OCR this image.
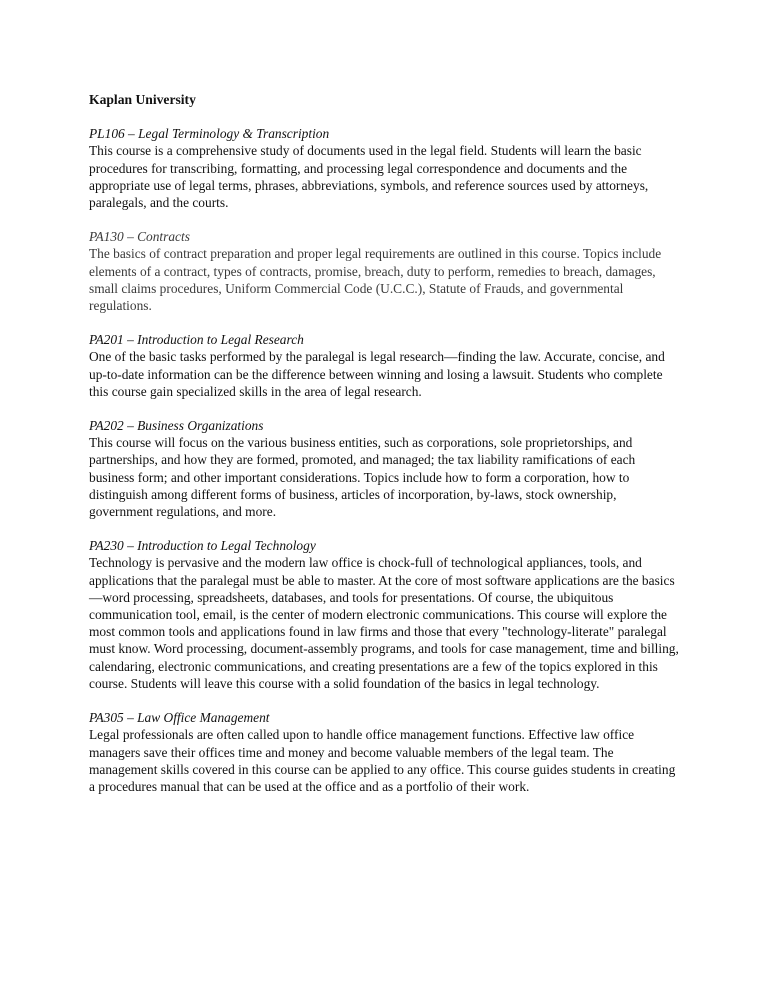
Kaplan University

PL106 – Legal Terminology & Transcription

This course is a comprehensive study of documents used in the legal field. Students will learn the basic procedures for transcribing, formatting, and processing legal correspondence and documents and the appropriate use of legal terms, phrases, abbreviations, symbols, and reference sources used by attorneys, paralegals, and the courts.

PA130 – Contracts

The basics of contract preparation and proper legal requirements are outlined in this course. Topics include elements of a contract, types of contracts, promise, breach, duty to perform, remedies to breach, damages, small claims procedures, Uniform Commercial Code (U.C.C.), Statute of Frauds, and governmental regulations.

PA201 – Introduction to Legal Research

One of the basic tasks performed by the paralegal is legal research—finding the law. Accurate, concise, and up-to-date information can be the difference between winning and losing a lawsuit. Students who complete this course gain specialized skills in the area of legal research.

PA202 – Business Organizations

This course will focus on the various business entities, such as corporations, sole proprietorships, and partnerships, and how they are formed, promoted, and managed; the tax liability ramifications of each business form; and other important considerations. Topics include how to form a corporation, how to distinguish among different forms of business, articles of incorporation, by-laws, stock ownership, government regulations, and more.

PA230 – Introduction to Legal Technology

Technology is pervasive and the modern law office is chock-full of technological appliances, tools, and applications that the paralegal must be able to master. At the core of most software applications are the basics—word processing, spreadsheets, databases, and tools for presentations. Of course, the ubiquitous communication tool, email, is the center of modern electronic communications. This course will explore the most common tools and applications found in law firms and those that every "technology-literate" paralegal must know. Word processing, document-assembly programs, and tools for case management, time and billing, calendaring, electronic communications, and creating presentations are a few of the topics explored in this course. Students will leave this course with a solid foundation of the basics in legal technology.

PA305 – Law Office Management

Legal professionals are often called upon to handle office management functions. Effective law office managers save their offices time and money and become valuable members of the legal team. The management skills covered in this course can be applied to any office. This course guides students in creating a procedures manual that can be used at the office and as a portfolio of their work.
